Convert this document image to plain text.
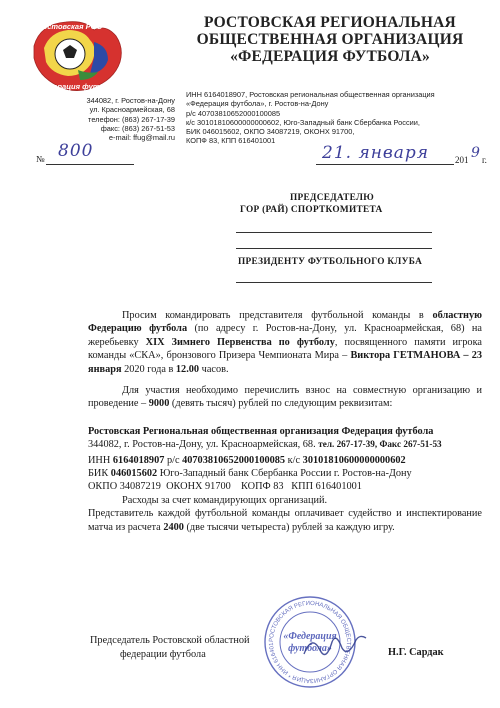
Ростовская РОО
Федерация футбола
РОСТОВСКАЯ РЕГИОНАЛЬНАЯ
ОБЩЕСТВЕННАЯ ОРГАНИЗАЦИЯ
«ФЕДЕРАЦИЯ ФУТБОЛА»
344082, г. Ростов-на-Дону
ул. Красноармейская, 68
телефон: (863) 267-17-39
факс: (863) 267-51-53
e-mail: ffug@mail.ru
ИНН 6164018907, Ростовская региональная общественная организация
«Федерация футбола», г. Ростов-на-Дону
р/с 40703810652000100085
к/с 30101810600000000602, Юго-Западный банк Сбербанка России,
БИК 046015602, ОКПО 34087219, ОКОНХ 91700,
КОПФ 83, КПП 616401001
№ 800	21. января	201 9 г.
ПРЕДСЕДАТЕЛЮ
ГОР (РАЙ) СПОРТКОМИТЕТА
ПРЕЗИДЕНТУ ФУТБОЛЬНОГО КЛУБА

Просим командировать представителя футбольной команды в областную Федерацию футбола (по адресу г. Ростов-на-Дону, ул. Красноармейская, 68) на жеребьевку XIX Зимнего Первенства по футболу, посвященного памяти игрока команды «СКА», бронзового Призера Чемпионата Мира – Виктора ГЕТМАНОВА – 23 января 2020 года в 12.00 часов.

Для участия необходимо перечислить взнос на совместную организацию и проведение – 9000 (девять тысяч) рублей по следующим реквизитам:

Ростовская Региональная общественная организация Федерация футбола
344082, г. Ростов-на-Дону, ул. Красноармейская, 68. тел. 267-17-39, Факс 267-51-53

ИНН 6164018907 р/с 40703810652000100085 к/с 30101810600000000602

БИК 046015602 Юго-Западный банк Сбербанка России г. Ростов-на-Дону

ОКПО 34087219  ОКОНХ 91700    КОПФ 83   КПП 616401001

Расходы за счет командирующих организаций.

Представитель каждой футбольной команды оплачивает судейство и инспектирование матча из расчета 2400 (две тысячи четыреста) рублей за каждую игру.

Председатель Ростовской областной
федерации футбола	Н.Г. Сардак
РОСТОВСКАЯ РЕГИОНАЛЬНАЯ ОБЩЕСТВЕННАЯ ОРГАНИЗАЦИЯ * ИНН 616401
«Федерация
футбола»
